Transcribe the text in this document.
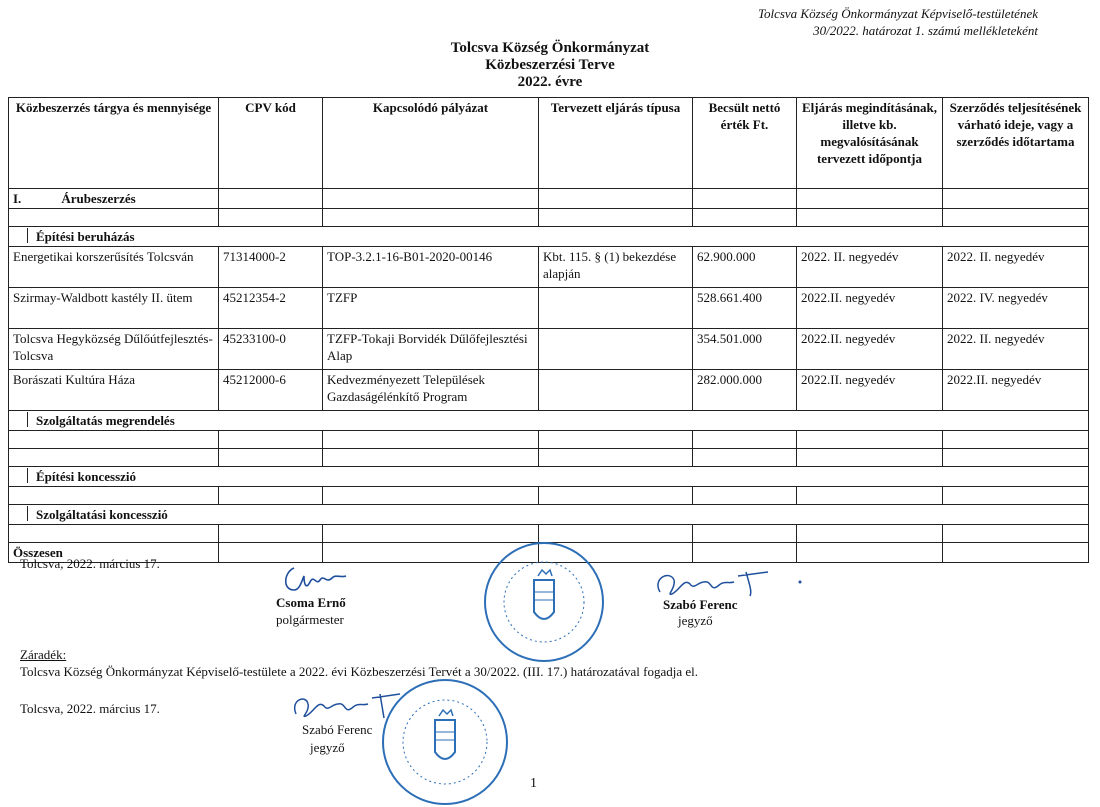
Tolcsva Község Önkormányzat Képviselő-testületének
30/2022. határozat 1. számú mellékleteként
Tolcsva Község Önkormányzat
Közbeszerzési Terve
2022. évre
Közbeszerzés tárgya és mennyisége	CPV kód	Kapcsolódó pályázat	Tervezett eljárás típusa	Becsült nettó érték Ft.	Eljárás megindításának, illetve kb. megvalósításának tervezett időpontja	Szerződés teljesítésének várható ideje, vagy a szerződés időtartama
I. Árubeszerzés						

Építési beruházás						
Energetikai korszerűsítés Tolcsván	71314000-2	TOP-3.2.1-16-B01-2020-00146	Kbt. 115. § (1) bekezdése alapján	62.900.000	2022. II. negyedév	2022. II. negyedév
Szirmay-Waldbott kastély II. ütem	45212354-2	TZFP		528.661.400	2022.II. negyedév	2022. IV. negyedév
Tolcsva Hegyközség Dűlőútfejlesztés-Tolcsva	45233100-0	TZFP-Tokaji Borvidék Dűlőfejlesztési Alap		354.501.000	2022.II. negyedév	2022. II. negyedév
Borászati Kultúra Háza	45212000-6	Kedvezményezett Települések Gazdaságélénkítő Program		282.000.000	2022.II. negyedév	2022.II. negyedév
Szolgáltatás megrendelés						

Építési koncesszió						

Szolgáltatási koncesszió						

Összesen						
Tolcsva, 2022. március 17.
Csoma Ernő
polgármester
Szabó Ferenc
jegyző
Záradék:
Tolcsva Község Önkormányzat Képviselő-testülete a 2022. évi Közbeszerzési Tervét a 30/2022. (III. 17.) határozatával fogadja el.
Tolcsva, 2022. március 17.
Szabó Ferenc
jegyző
1
